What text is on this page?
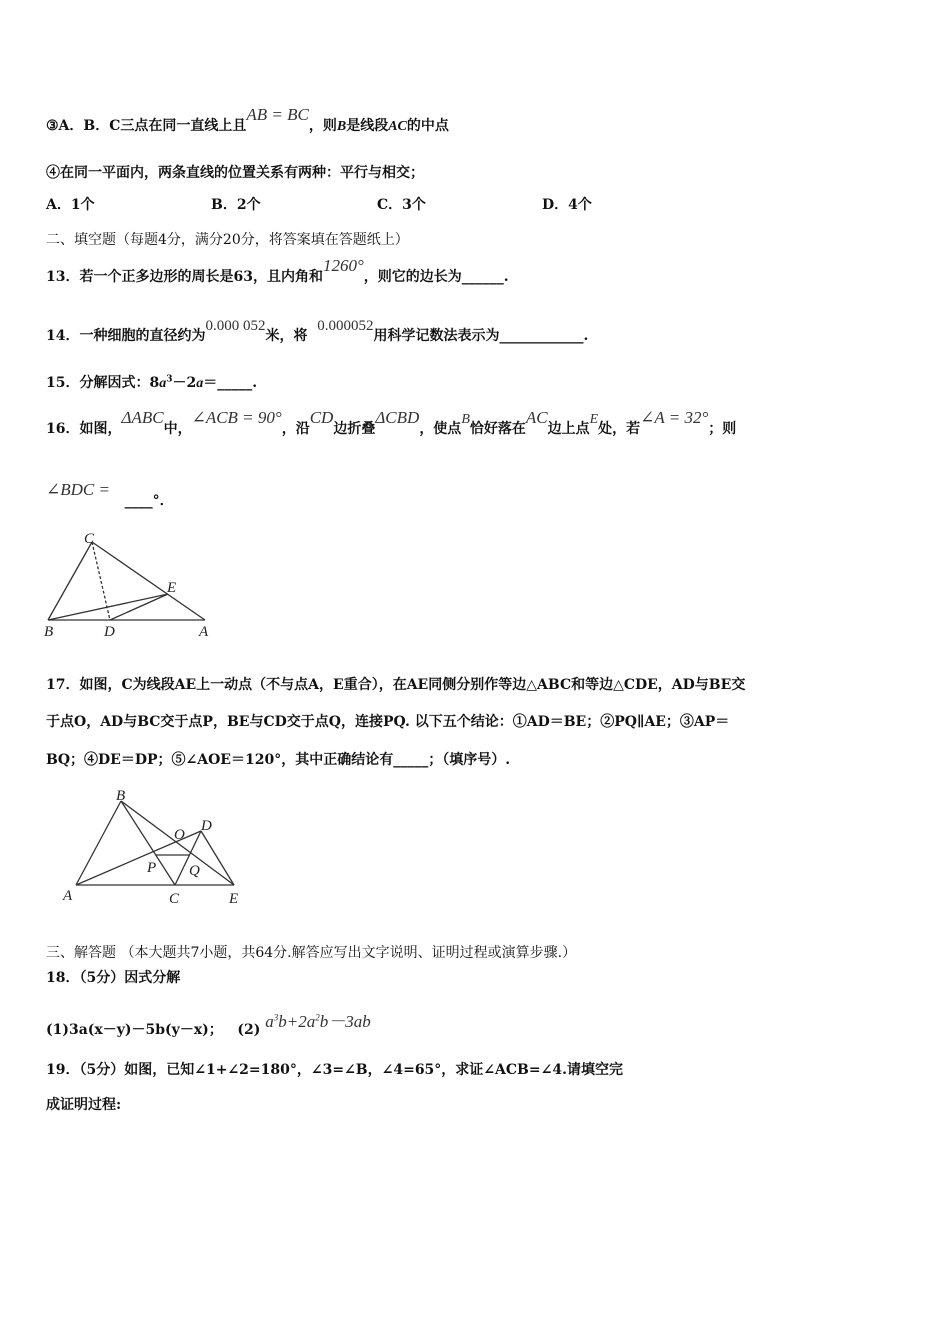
③A．B．C三点在同一直线上且AB = BC，则B是线段AC的中点
④在同一平面内，两条直线的位置关系有两种：平行与相交；
A．1个	B．2个	C．3个	D．4个
二、填空题（每题4分，满分20分，将答案填在答题纸上）
13．若一个正多边形的周长是63，且内角和1260°，则它的边长为______.
14．一种细胞的直径约为0.000 052米，将  0.000052用科学记数法表示为____________.
15．分解因式：$8a^3-2a=\_\_\_\_\_$.
16．如图，ΔABC中，∠ACB = 90°，沿CD边折叠ΔCBD，使点B恰好落在AC边上点E处，若∠A = 32°；则
∠BDC =   ____°．
C
E
B	D	A
17．如图，C为线段AE上一动点（不与点A，E重合），在AE同侧分别作等边△ABC和等边△CDE，AD与BE交
于点O，AD与BC交于点P，BE与CD交于点Q，连接PQ. 以下五个结论：①AD＝BE；②PQ∥AE；③AP＝
BQ；④DE＝DP；⑤∠AOE＝120°，其中正确结论有_____；（填序号）.
B
O
D
P Q
A	C	E
三、解答题 （本大题共7小题，共64分.解答应写出文字说明、证明过程或演算步骤.）
18．（5分）因式分解
(1)3a(x－y)－5b(y－x)； (2) $a^3b+2a^2b-3ab$
19．（5分）如图，已知∠1+∠2=180°，∠3=∠B，∠4=65°，求证∠ACB=∠4.请填空完
成证明过程:
